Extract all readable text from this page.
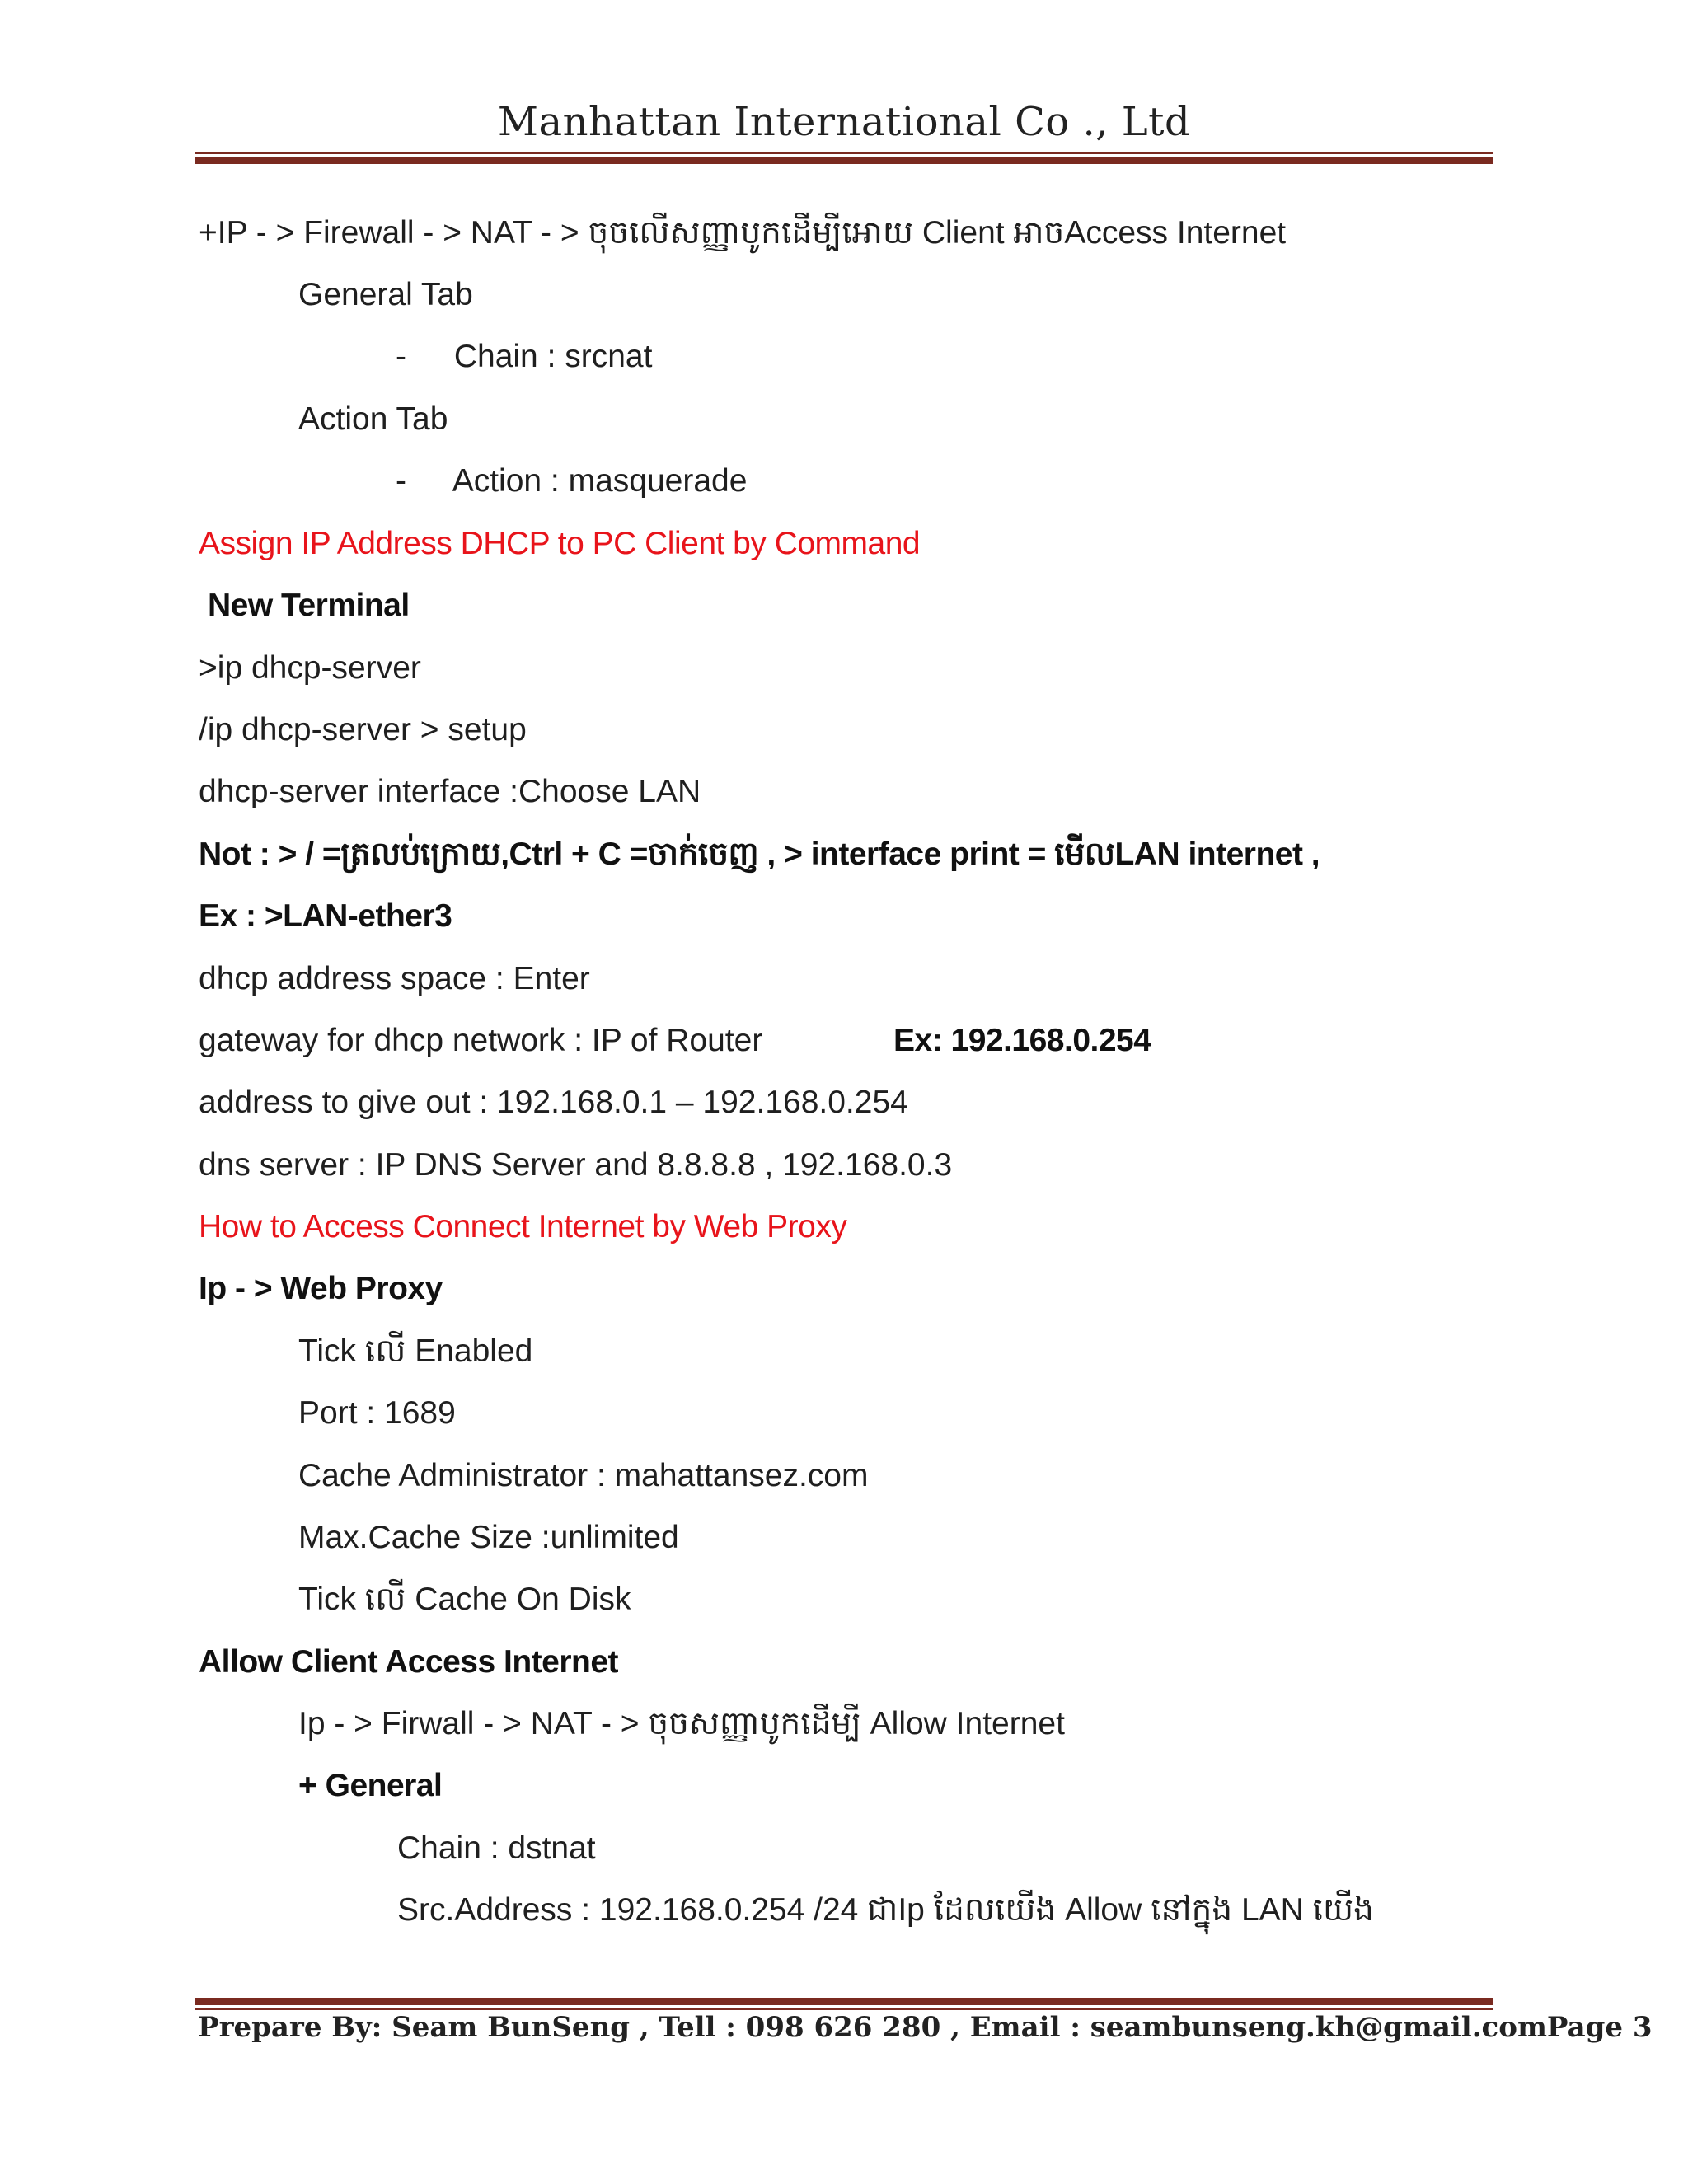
Manhattan International Co ., Ltd
+IP - > Firewall - > NAT - > ចុចលើសញ្ញាបូកដើម្បីអោយ Client អាចAccess Internet
General Tab
- Chain : srcnat
Action Tab
- Action : masquerade
Assign IP Address DHCP to PC Client by Command
New Terminal
>ip dhcp-server
/ip dhcp-server > setup
dhcp-server interface :Choose LAN
Not : > / =ត្រលប់ក្រោយ,Ctrl + C =ចាក់ចេញ , > interface print = មើលLAN internet ,
Ex : >LAN-ether3
dhcp address space : Enter
gateway for dhcp network : IP of Router	Ex: 192.168.0.254
address to give out : 192.168.0.1 – 192.168.0.254
dns server : IP DNS Server and 8.8.8.8 , 192.168.0.3
How to Access Connect Internet by Web Proxy
Ip - > Web Proxy
Tick លើ Enabled
Port : 1689
Cache Administrator : mahattansez.com
Max.Cache Size :unlimited
Tick លើ Cache On Disk
Allow Client Access Internet
Ip - > Firwall - > NAT - > ចុចសញ្ញាបូកដើម្បី Allow Internet
+ General
Chain : dstnat
Src.Address : 192.168.0.254 /24 ជាIp ដែលយើង Allow នៅក្នុង LAN យើង
Prepare By: Seam BunSeng , Tell : 098 626 280 , Email : seambunseng.kh@gmail.com Page 3
